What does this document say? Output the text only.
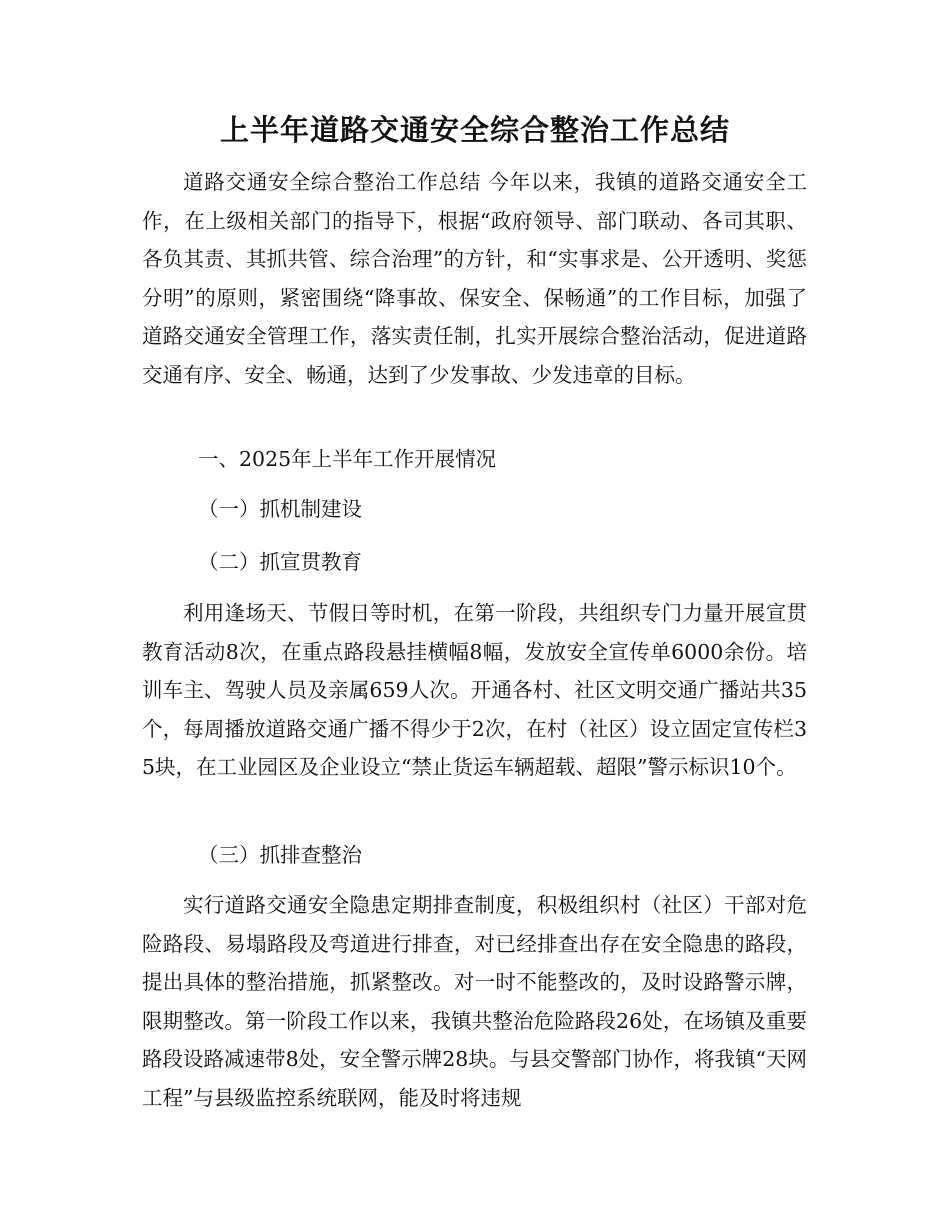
上半年道路交通安全综合整治工作总结

道路交通安全综合整治工作总结 今年以来，我镇的道路交通安全工作，在上级相关部门的指导下，根据“政府领导、部门联动、各司其职、各负其责、其抓共管、综合治理”的方针，和“实事求是、公开透明、奖惩分明”的原则，紧密围绕“降事故、保安全、保畅通”的工作目标，加强了道路交通安全管理工作，落实责任制，扎实开展综合整治活动，促进道路交通有序、安全、畅通，达到了少发事故、少发违章的目标。

一、2025年上半年工作开展情况

（一）抓机制建设

（二）抓宣贯教育

利用逢场天、节假日等时机，在第一阶段，共组织专门力量开展宣贯教育活动8次，在重点路段悬挂横幅8幅，发放安全宣传单6000余份。培训车主、驾驶人员及亲属659人次。开通各村、社区文明交通广播站共35个，每周播放道路交通广播不得少于2次，在村（社区）设立固定宣传栏35块，在工业园区及企业设立“禁止货运车辆超载、超限”警示标识10个。

（三）抓排查整治

实行道路交通安全隐患定期排查制度，积极组织村（社区）干部对危险路段、易塌路段及弯道进行排查，对已经排查出存在安全隐患的路段，提出具体的整治措施，抓紧整改。对一时不能整改的，及时设路警示牌，限期整改。第一阶段工作以来，我镇共整治危险路段26处，在场镇及重要路段设路减速带8处，安全警示牌28块。与县交警部门协作，将我镇“天网工程”与县级监控系统联网，能及时将违规
